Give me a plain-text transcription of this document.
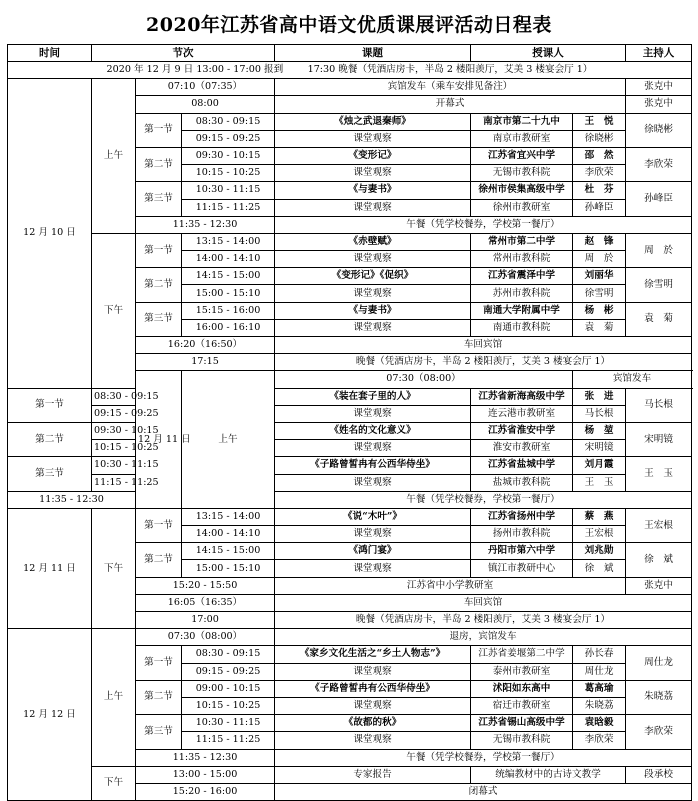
2020年江苏省高中语文优质课展评活动日程表
时间	节次			课题	授课人		主持人
2020 年 12 月 9 日 13:00 - 17:00 报到        17:30 晚餐（凭酒店房卡，半岛 2 楼阳羡厅，艾美 3 楼宴会厅 1）							
12 月 10 日	上午	07:10（07:35）		宾馆发车（乘车安排见备注）			张克中
		08:00		开幕式			张克中
		第一节	08:30 - 09:15	《烛之武退秦师》	南京市第二十九中	王　悦	徐晓彬
			09:15 - 09:25	课堂观察	南京市教研室	徐晓彬	
		第二节	09:30 - 10:15	《变形记》	江苏省宜兴中学	邵　然	李欣荣
			10:15 - 10:25	课堂观察	无锡市教科院	李欣荣	
		第三节	10:30 - 11:15	《与妻书》	徐州市侯集高级中学	杜　芬	孙峰臣
			11:15 - 11:25	课堂观察	徐州市教研室	孙峰臣	
		11:35 - 12:30		午餐（凭学校餐券，学校第一餐厅）			
	下午	第一节	13:15 - 14:00	《赤壁赋》	常州市第二中学	赵　锋	周　於
			14:00 - 14:10	课堂观察	常州市教科院	周　於	
		第二节	14:15 - 15:00	《变形记》《促织》	江苏省震泽中学	刘丽华	徐雪明
			15:00 - 15:10	课堂观察	苏州市教科院	徐雪明	
		第三节	15:15 - 16:00	《与妻书》	南通大学附属中学	杨　彬	袁　菊
			16:00 - 16:10	课堂观察	南通市教科院	袁　菊	
		16:20（16:50）		车回宾馆			
		17:15		晚餐（凭酒店房卡，半岛 2 楼阳羡厅，艾美 3 楼宴会厅 1）			
		12 月 11 日	上午	07:30（08:00）		宾馆发车	
第一节	08:30 - 09:15			《装在套子里的人》	江苏省新海高级中学	张　进	马长根
	09:15 - 09:25			课堂观察	连云港市教研室	马长根	
第二节	09:30 - 10:15			《姓名的文化意义》	江苏省淮安中学	杨　堃	宋明镜
	10:15 - 10:25			课堂观察	淮安市教研室	宋明镜	
第三节	10:30 - 11:15			《子路曾皙冉有公西华侍坐》	江苏省盐城中学	刘月霞	王　玉
	11:15 - 11:25			课堂观察	盐城市教科院	王　玉	
11:35 - 12:30				午餐（凭学校餐券，学校第一餐厅）			
12 月 11 日	下午	第一节	13:15 - 14:00	《说“木叶”》	江苏省扬州中学	蔡　燕	王宏根
			14:00 - 14:10	课堂观察	扬州市教科院	王宏根	
		第二节	14:15 - 15:00	《鸿门宴》	丹阳市第六中学	刘兆勋	徐　斌
			15:00 - 15:10	课堂观察	镇江市教研中心	徐　斌	
		15:20 - 15:50		江苏省中小学教研室			张克中
		16:05（16:35）		车回宾馆			
		17:00		晚餐（凭酒店房卡，半岛 2 楼阳羡厅，艾美 3 楼宴会厅 1）			
12 月 12 日	上午	07:30（08:00）		退房，宾馆发车			
		第一节	08:30 - 09:15	《家乡文化生活之“乡土人物志”》	江苏省姜堰第二中学	孙长春	周仕龙
			09:15 - 09:25	课堂观察	泰州市教研室	周仕龙	
		第二节	09:00 - 10:15	《子路曾皙冉有公西华侍坐》	沭阳如东高中	葛高瑜	朱晓荔
			10:15 - 10:25	课堂观察	宿迁市教研室	朱晓荔	
		第三节	10:30 - 11:15	《故都的秋》	江苏省锡山高级中学	袁晗毅	李欣荣
			11:15 - 11:25	课堂观察	无锡市教科院	李欣荣	
		11:35 - 12:30		午餐（凭学校餐券，学校第一餐厅）			
	下午	13:00 - 15:00		专家报告	统编教材中的古诗文教学		段承校
		15:20 - 16:00		闭幕式			
